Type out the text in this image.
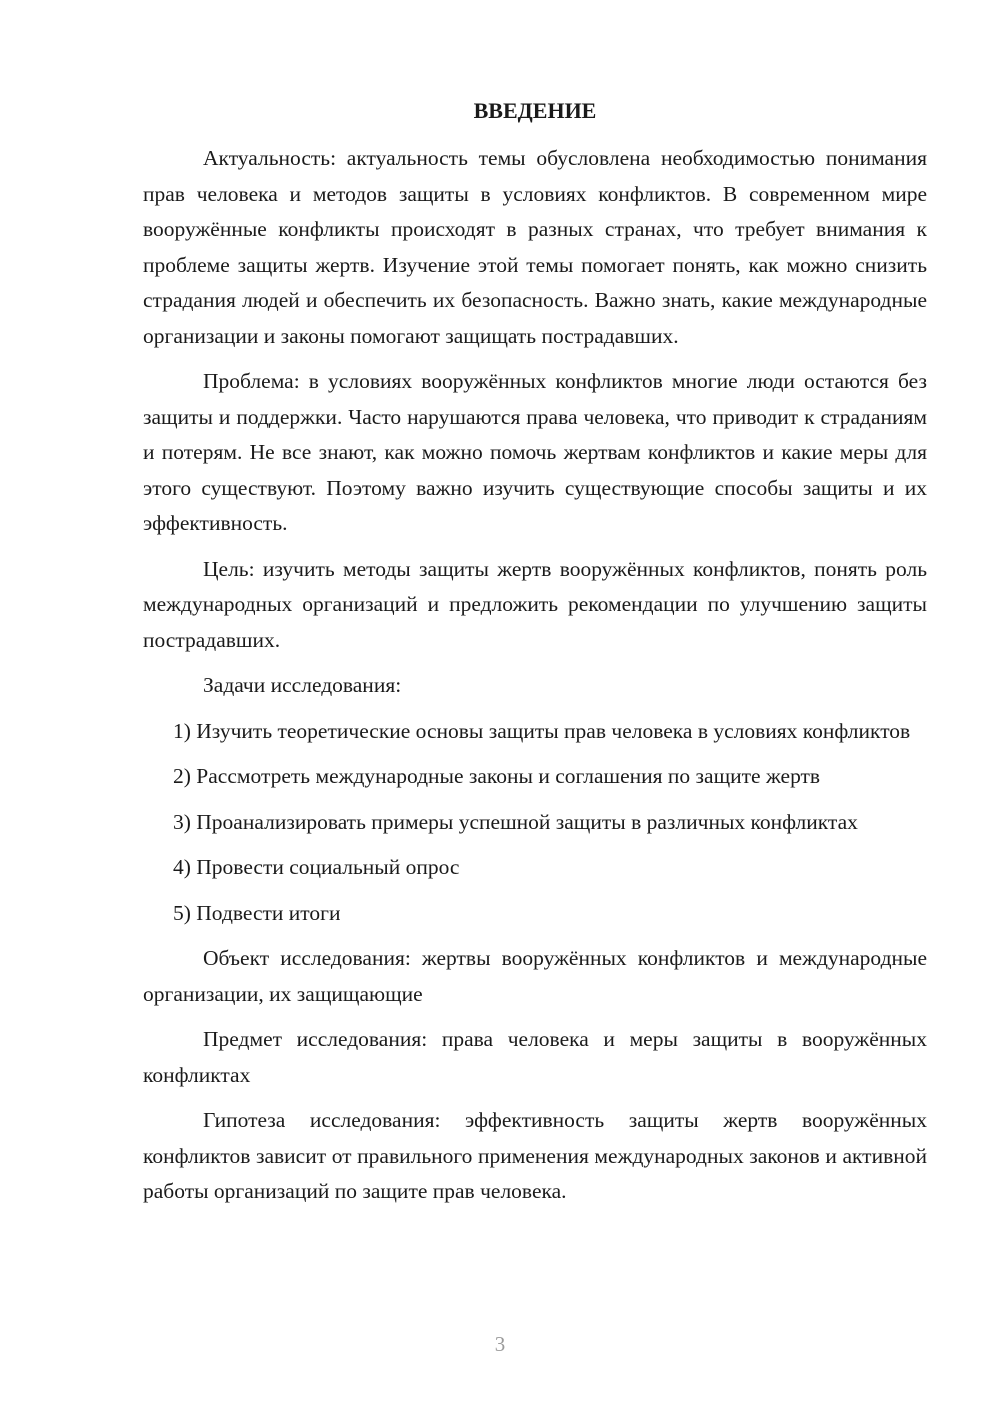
ВВЕДЕНИЕ

Актуальность: актуальность темы обусловлена необходимостью понимания прав человека и методов защиты в условиях конфликтов. В современном мире вооружённые конфликты происходят в разных странах, что требует внимания к проблеме защиты жертв. Изучение этой темы помогает понять, как можно снизить страдания людей и обеспечить их безопасность. Важно знать, какие международные организации и законы помогают защищать пострадавших.

Проблема: в условиях вооружённых конфликтов многие люди остаются без защиты и поддержки. Часто нарушаются права человека, что приводит к страданиям и потерям. Не все знают, как можно помочь жертвам конфликтов и какие меры для этого существуют. Поэтому важно изучить существующие способы защиты и их эффективность.

Цель: изучить методы защиты жертв вооружённых конфликтов, понять роль международных организаций и предложить рекомендации по улучшению защиты пострадавших.

Задачи исследования:

1) Изучить теоретические основы защиты прав человека в условиях конфликтов

2) Рассмотреть международные законы и соглашения по защите жертв

3) Проанализировать примеры успешной защиты в различных конфликтах

4) Провести социальный опрос

5) Подвести итоги

Объект исследования: жертвы вооружённых конфликтов и международные организации, их защищающие

Предмет исследования: права человека и меры защиты в вооружённых конфликтах

Гипотеза исследования: эффективность защиты жертв вооружённых конфликтов зависит от правильного применения международных законов и активной работы организаций по защите прав человека.

3
